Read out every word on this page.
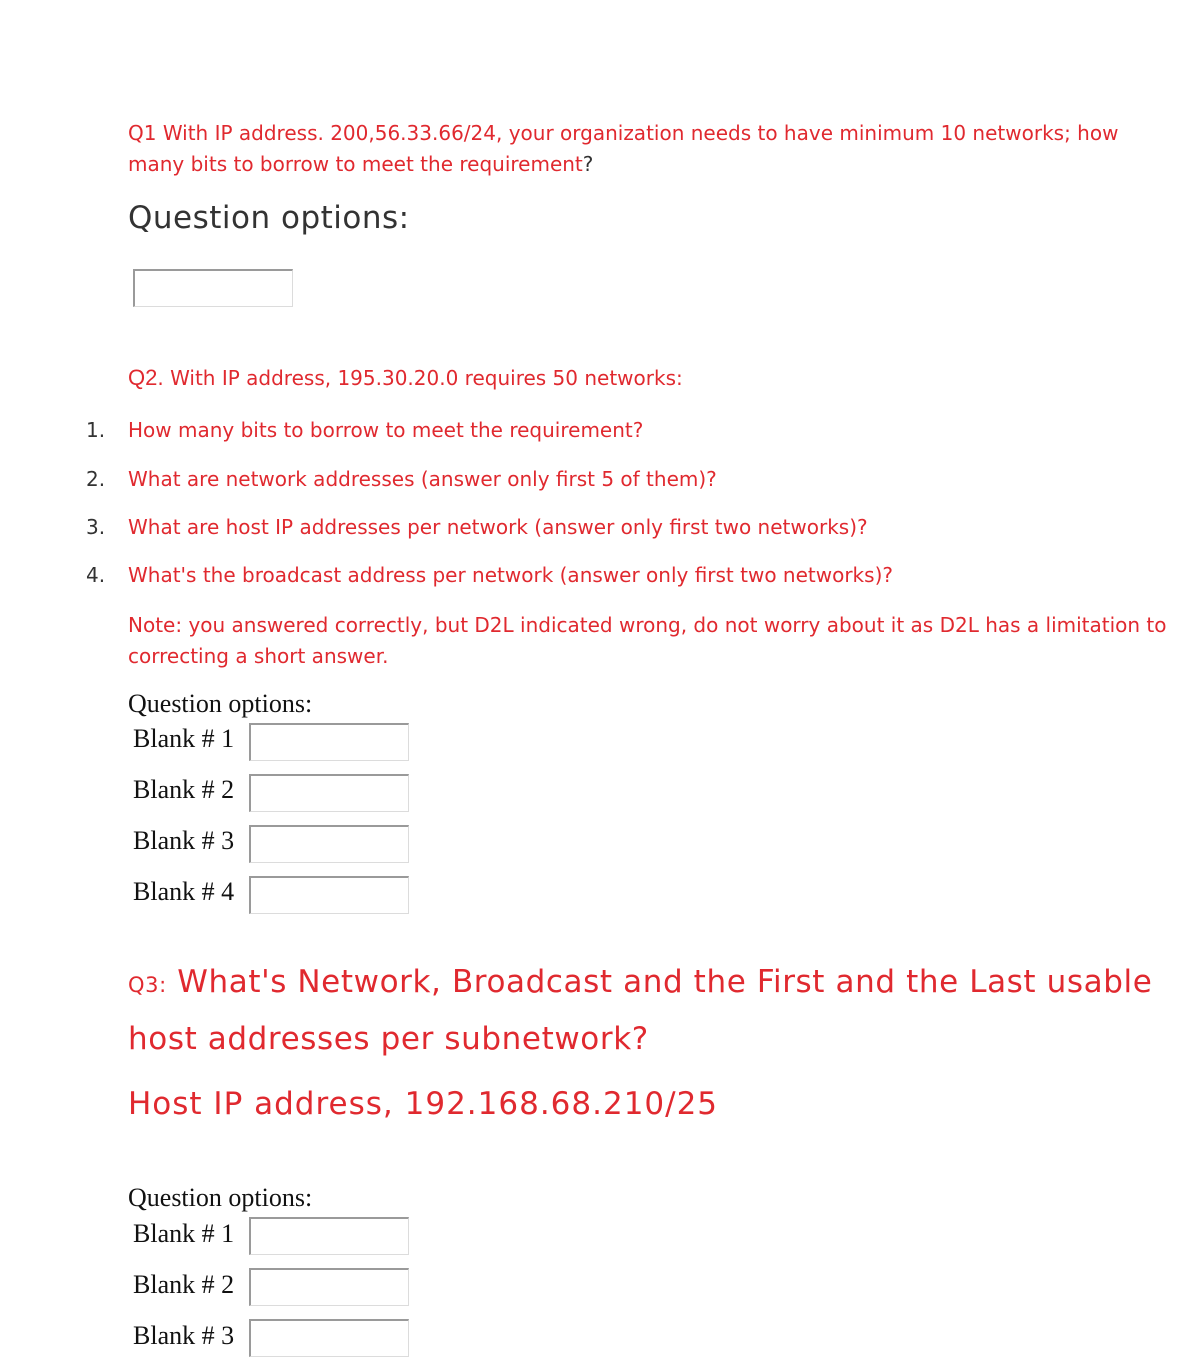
Q1 With IP address. 200,56.33.66/24, your organization needs to have minimum 10 networks; how many bits to borrow to meet the requirement?
Question options:
Q2. With IP address, 195.30.20.0 requires 50 networks:
1. How many bits to borrow to meet the requirement?
2. What are network addresses (answer only first 5 of them)?
3. What are host IP addresses per network (answer only first two networks)?
4. What's the broadcast address per network (answer only first two networks)?
Note: you answered correctly, but D2L indicated wrong, do not worry about it as D2L has a limitation to correcting a short answer.
Question options:
Blank # 1
Blank # 2
Blank # 3
Blank # 4
Q3: What's Network, Broadcast and the First and the Last usable host addresses per subnetwork?
Host IP address, 192.168.68.210/25
Question options:
Blank # 1
Blank # 2
Blank # 3
